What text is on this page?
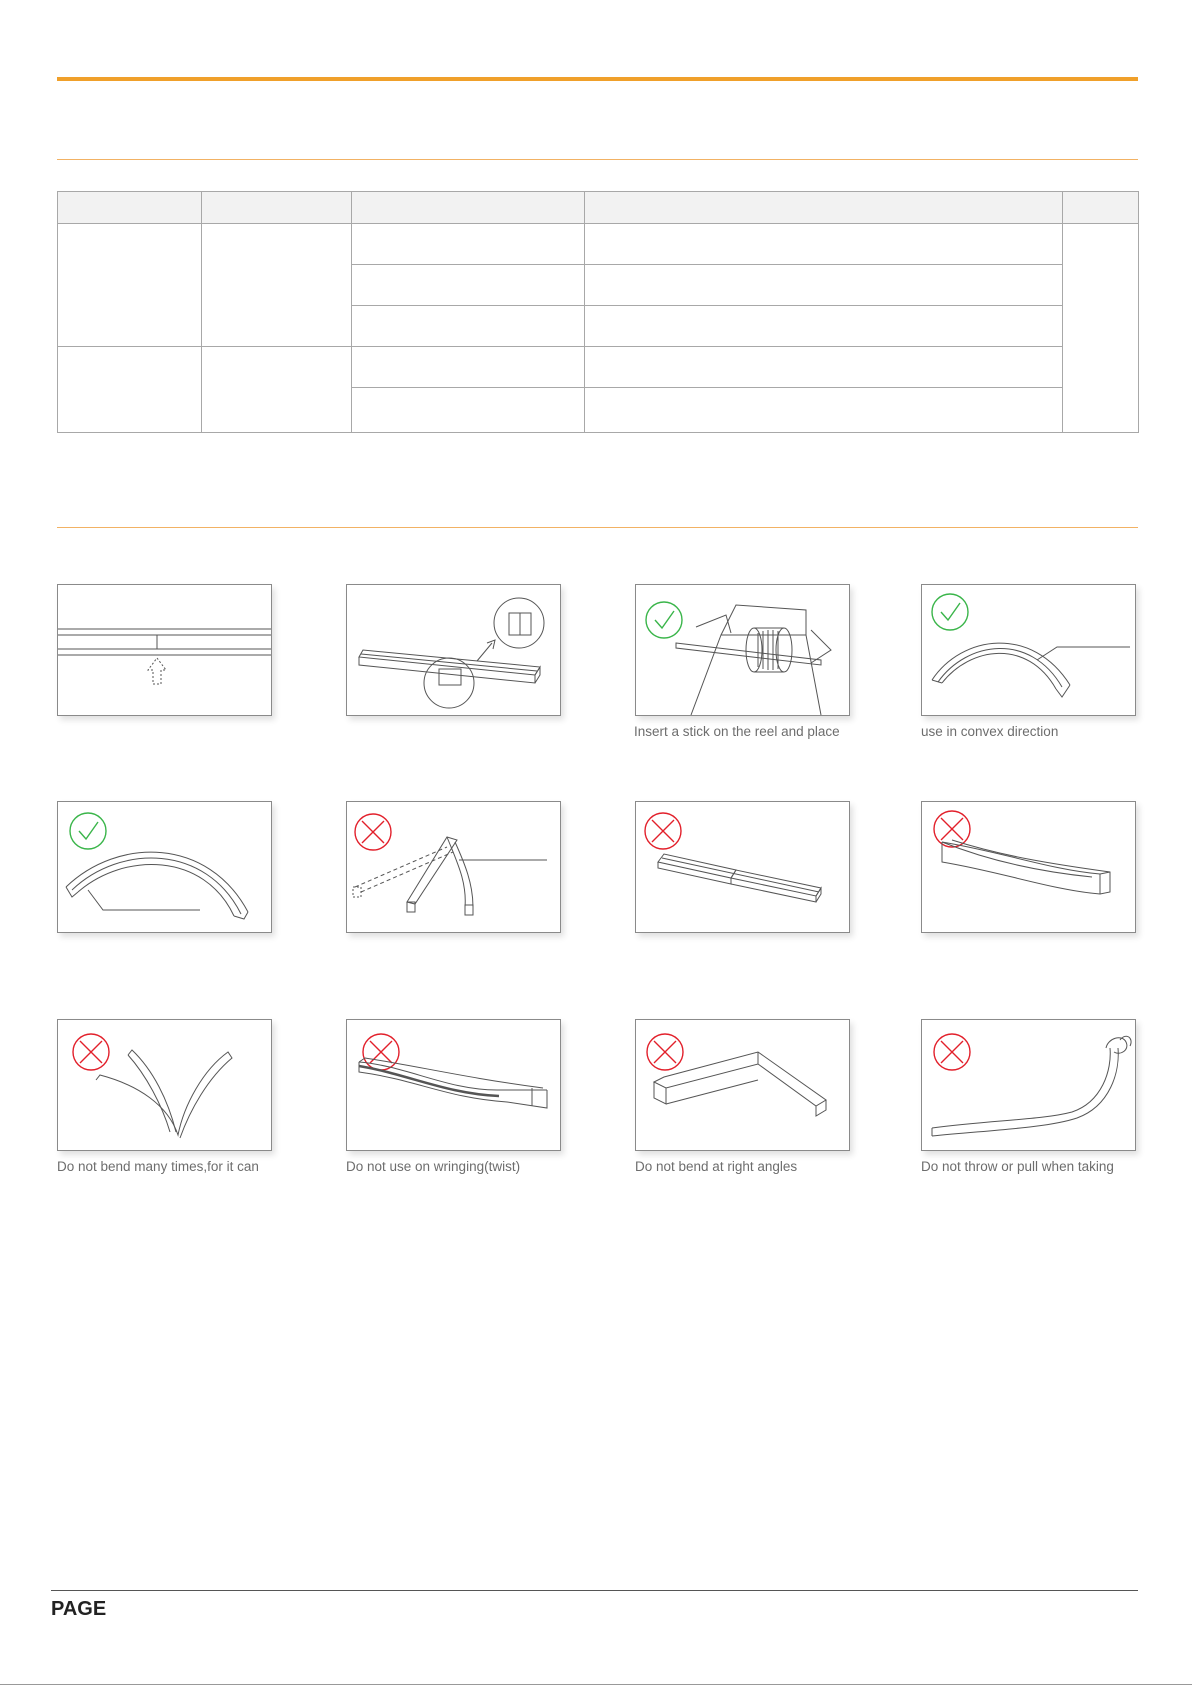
Insert a stick on the reel and place	use in convex direction
Do not bend many times,for it can	Do not use on wringing(twist)	Do not bend at right angles	Do not throw or pull when taking
PAGE
